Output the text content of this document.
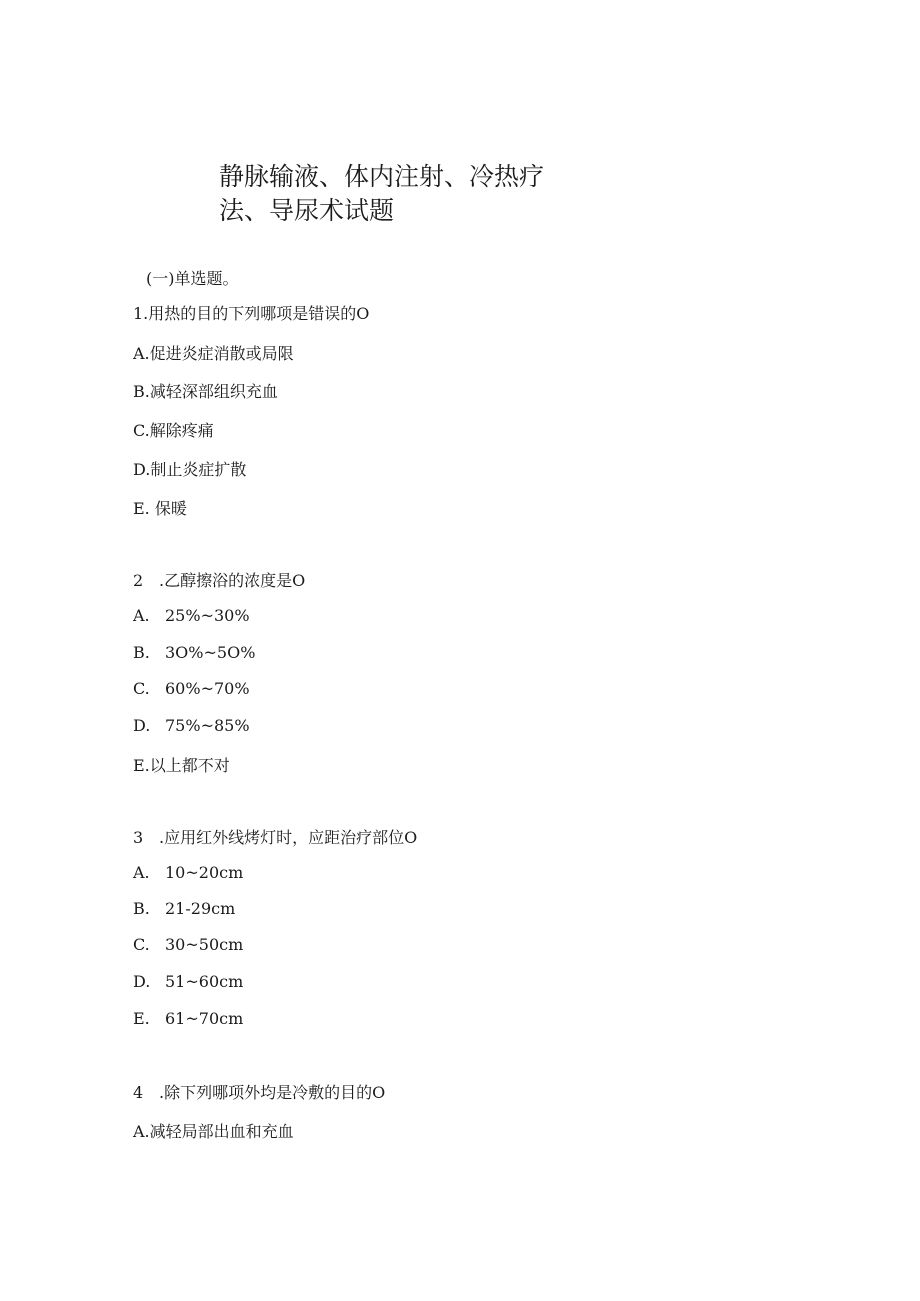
静脉输液、体内注射、冷热疗
法、导尿术试题

(一)单选题。

1.用热的目的下列哪项是错误的O

A.促进炎症消散或局限

B.减轻深部组织充血

C.解除疼痛

D.制止炎症扩散

E. 保暖

2 .乙醇擦浴的浓度是O

A. 25%~30%

B. 3O%~5O%

C. 60%~70%

D. 75%~85%

E.以上都不对

3 .应用红外线烤灯时，应距治疗部位O

A. 10~20cm

B. 21-29cm

C. 30~50cm

D. 51~60cm

E. 61~70cm

4 .除下列哪项外均是冷敷的目的O

A.减轻局部出血和充血
